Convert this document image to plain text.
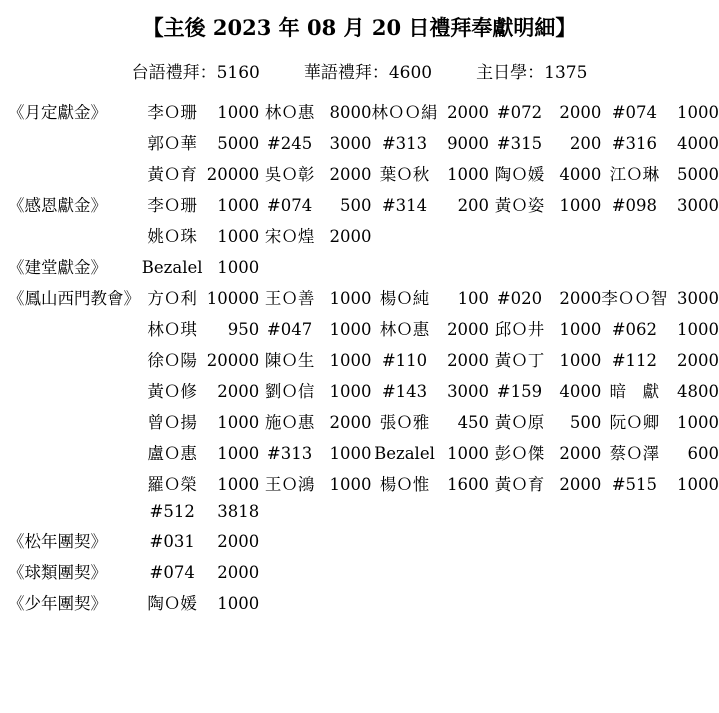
【主後 2023 年 08 月 20 日禮拜奉獻明細】
台語禮拜：5160	華語禮拜：4600	主日學：1375
《月定獻金》	李Ｏ珊	1000	林Ｏ惠	8000	林ＯＯ絹	2000	#072	2000	#074	1000
	郭Ｏ華	5000	#245	3000	#313	9000	#315	200	#316	4000
	黃Ｏ育	20000	吳Ｏ彰	2000	葉Ｏ秋	1000	陶Ｏ媛	4000	江Ｏ琳	5000
《感恩獻金》	李Ｏ珊	1000	#074	500	#314	200	黃Ｏ姿	1000	#098	3000
	姚Ｏ珠	1000	宋Ｏ煌	2000						
《建堂獻金》	Bezalel	1000								
《鳳山西門教會》	方Ｏ利	10000	王Ｏ善	1000	楊Ｏ純	100	#020	2000	李ＯＯ智	3000
	林Ｏ琪	950	#047	1000	林Ｏ惠	2000	邱Ｏ井	1000	#062	1000
	徐Ｏ陽	20000	陳Ｏ生	1000	#110	2000	黃Ｏ丁	1000	#112	2000
	黃Ｏ修	2000	劉Ｏ信	1000	#143	3000	#159	4000	暗　獻	4800
	曾Ｏ揚	1000	施Ｏ惠	2000	張Ｏ雅	450	黃Ｏ原	500	阮Ｏ卿	1000
	盧Ｏ惠	1000	#313	1000	Bezalel	1000	彭Ｏ傑	2000	蔡Ｏ澤	600
	羅Ｏ榮	1000	王Ｏ鴻	1000	楊Ｏ惟	1600	黃Ｏ育	2000	#515	1000
	#512	3818								
《松年團契》	#031	2000								
《球類團契》	#074	2000								
《少年團契》	陶Ｏ媛	1000								
